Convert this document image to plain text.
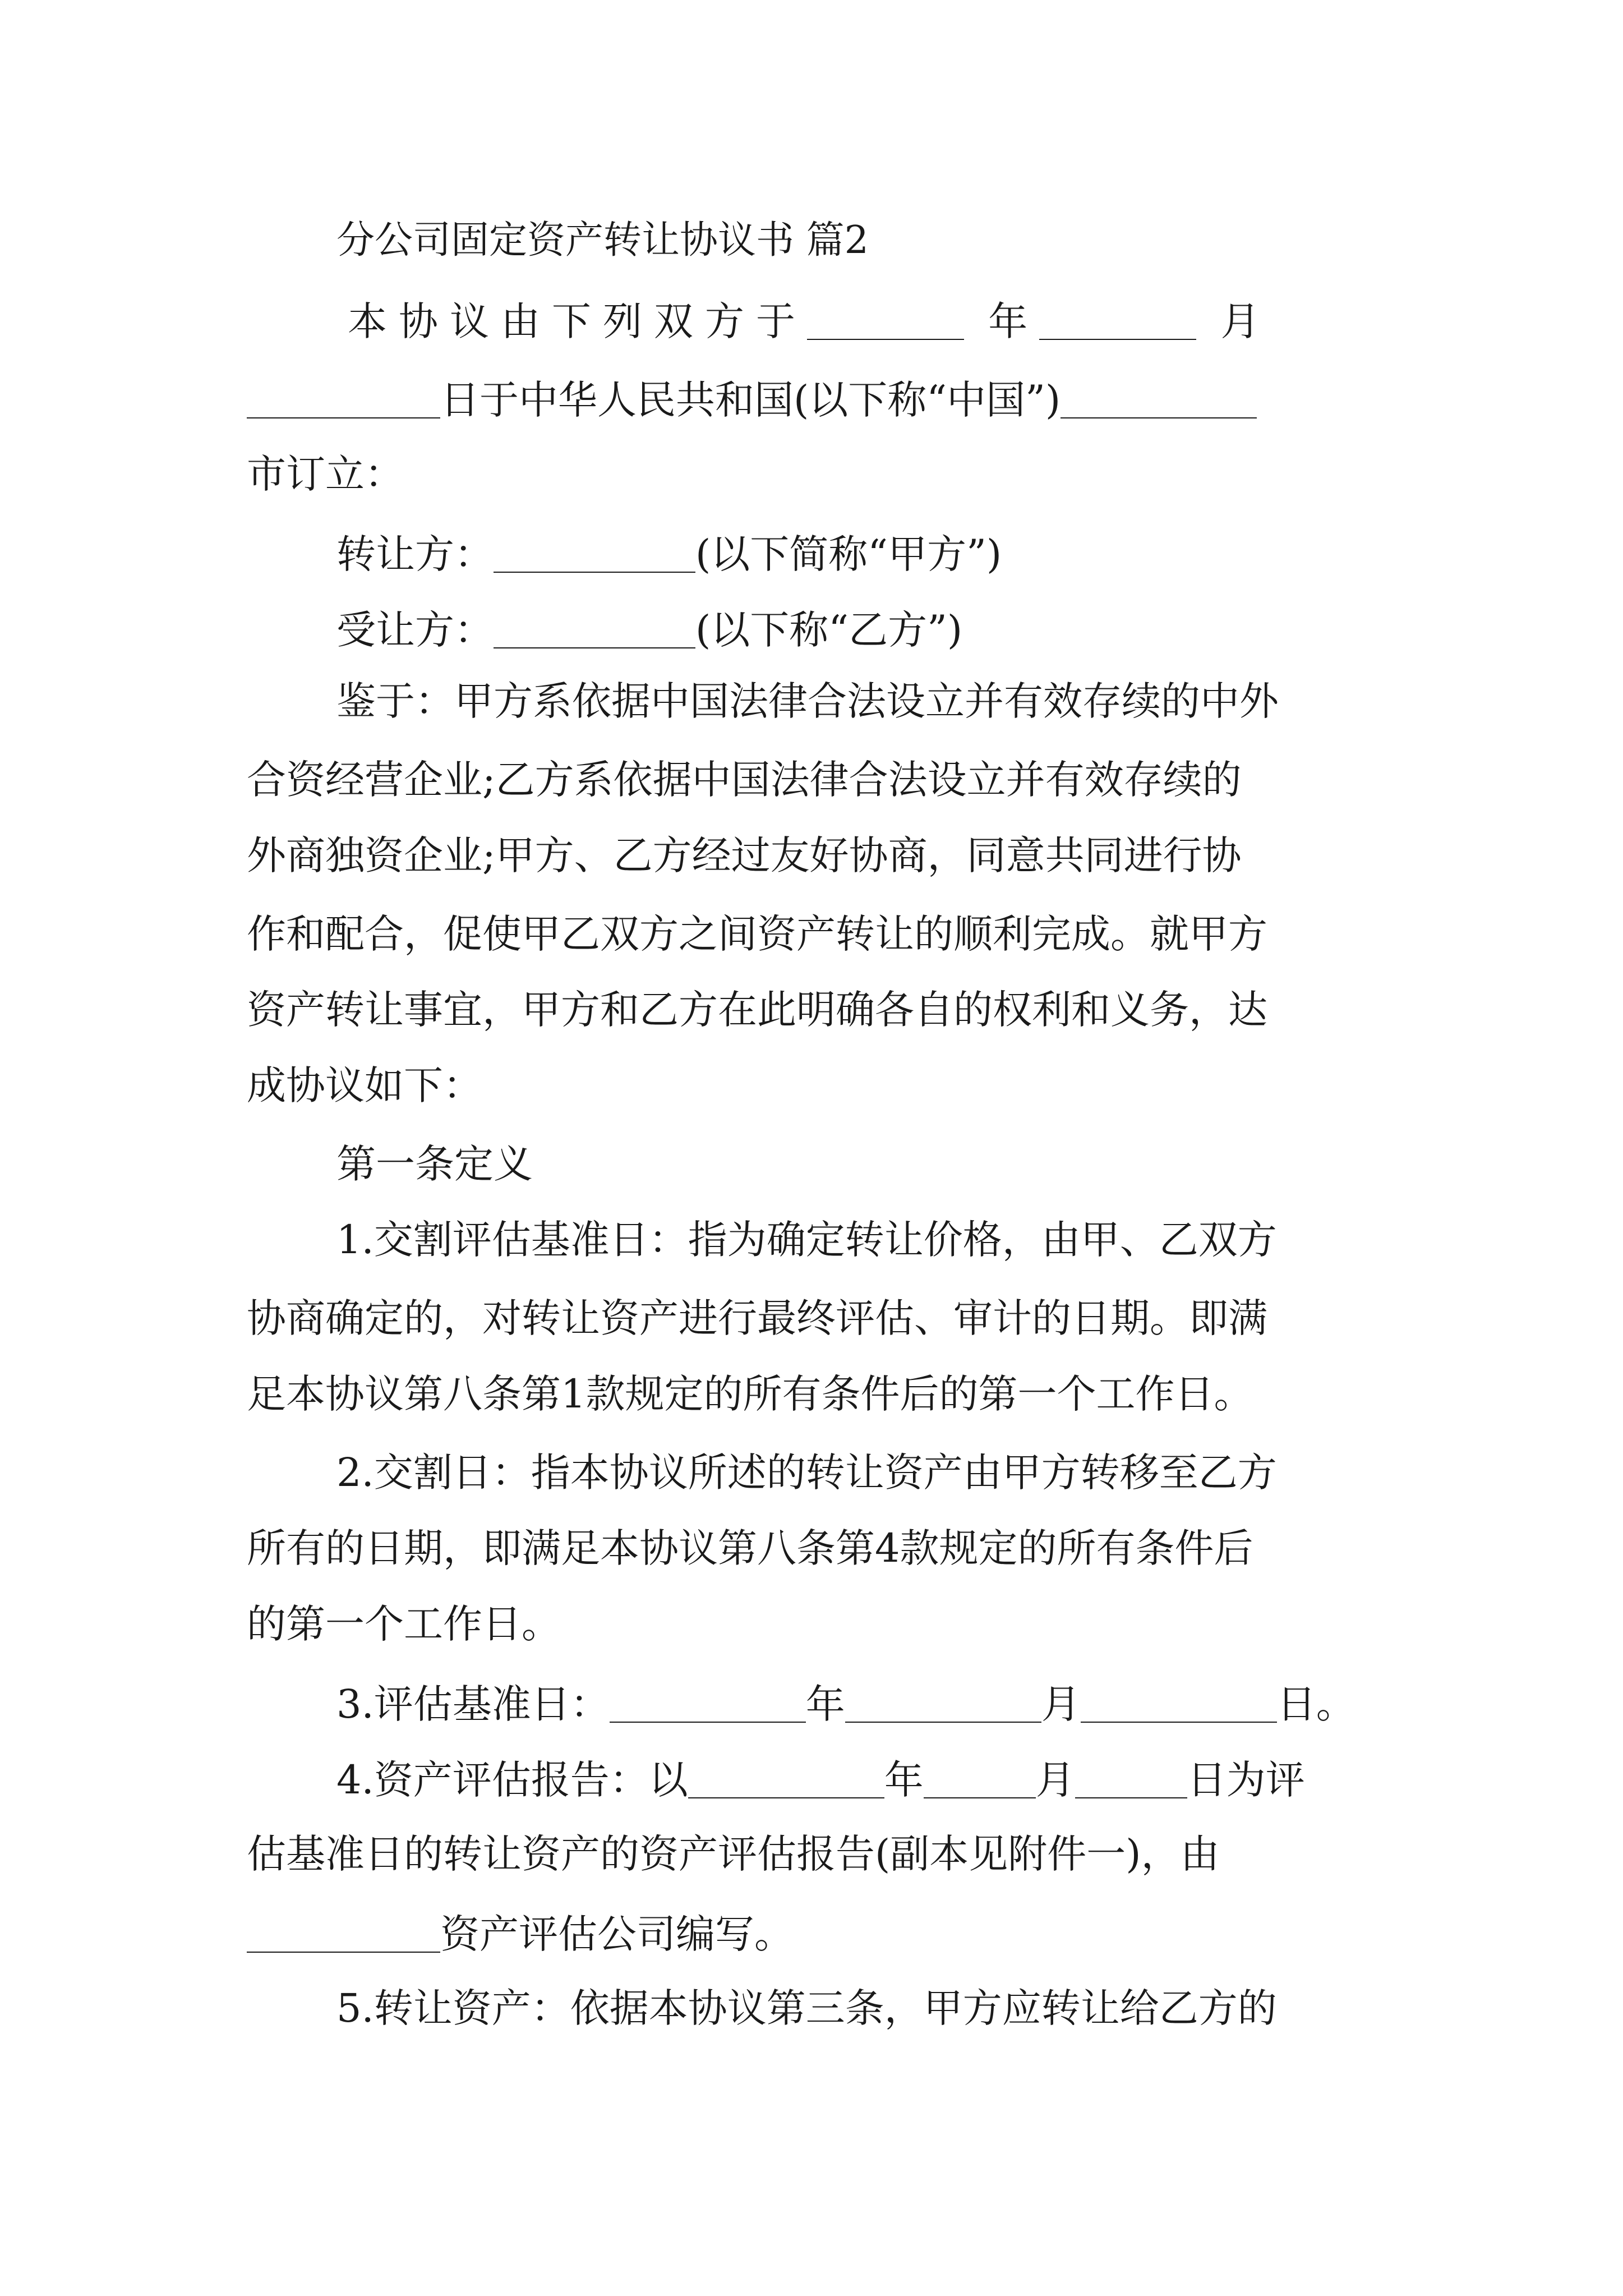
分公司固定资产转让协议书 篇2
本协议由下列双方于	年	月
日于中华人民共和国(以下称“中国”)
市订立：
转让方：	(以下简称“甲方”)
受让方：	(以下称“乙方”)
鉴于：甲方系依据中国法律合法设立并有效存续的中外
合资经营企业;乙方系依据中国法律合法设立并有效存续的
外商独资企业;甲方、乙方经过友好协商，同意共同进行协
作和配合，促使甲乙双方之间资产转让的顺利完成。就甲方
资产转让事宜，甲方和乙方在此明确各自的权利和义务，达
成协议如下：
第一条定义
1.交割评估基准日：指为确定转让价格，由甲、乙双方
协商确定的，对转让资产进行最终评估、审计的日期。即满
足本协议第八条第1款规定的所有条件后的第一个工作日。
2.交割日：指本协议所述的转让资产由甲方转移至乙方
所有的日期，即满足本协议第八条第4款规定的所有条件后
的第一个工作日。
3.评估基准日：	年	月	日。
4.资产评估报告：以	年	月	日为评
估基准日的转让资产的资产评估报告(副本见附件一)，由
资产评估公司编写。
5.转让资产：依据本协议第三条，甲方应转让给乙方的
